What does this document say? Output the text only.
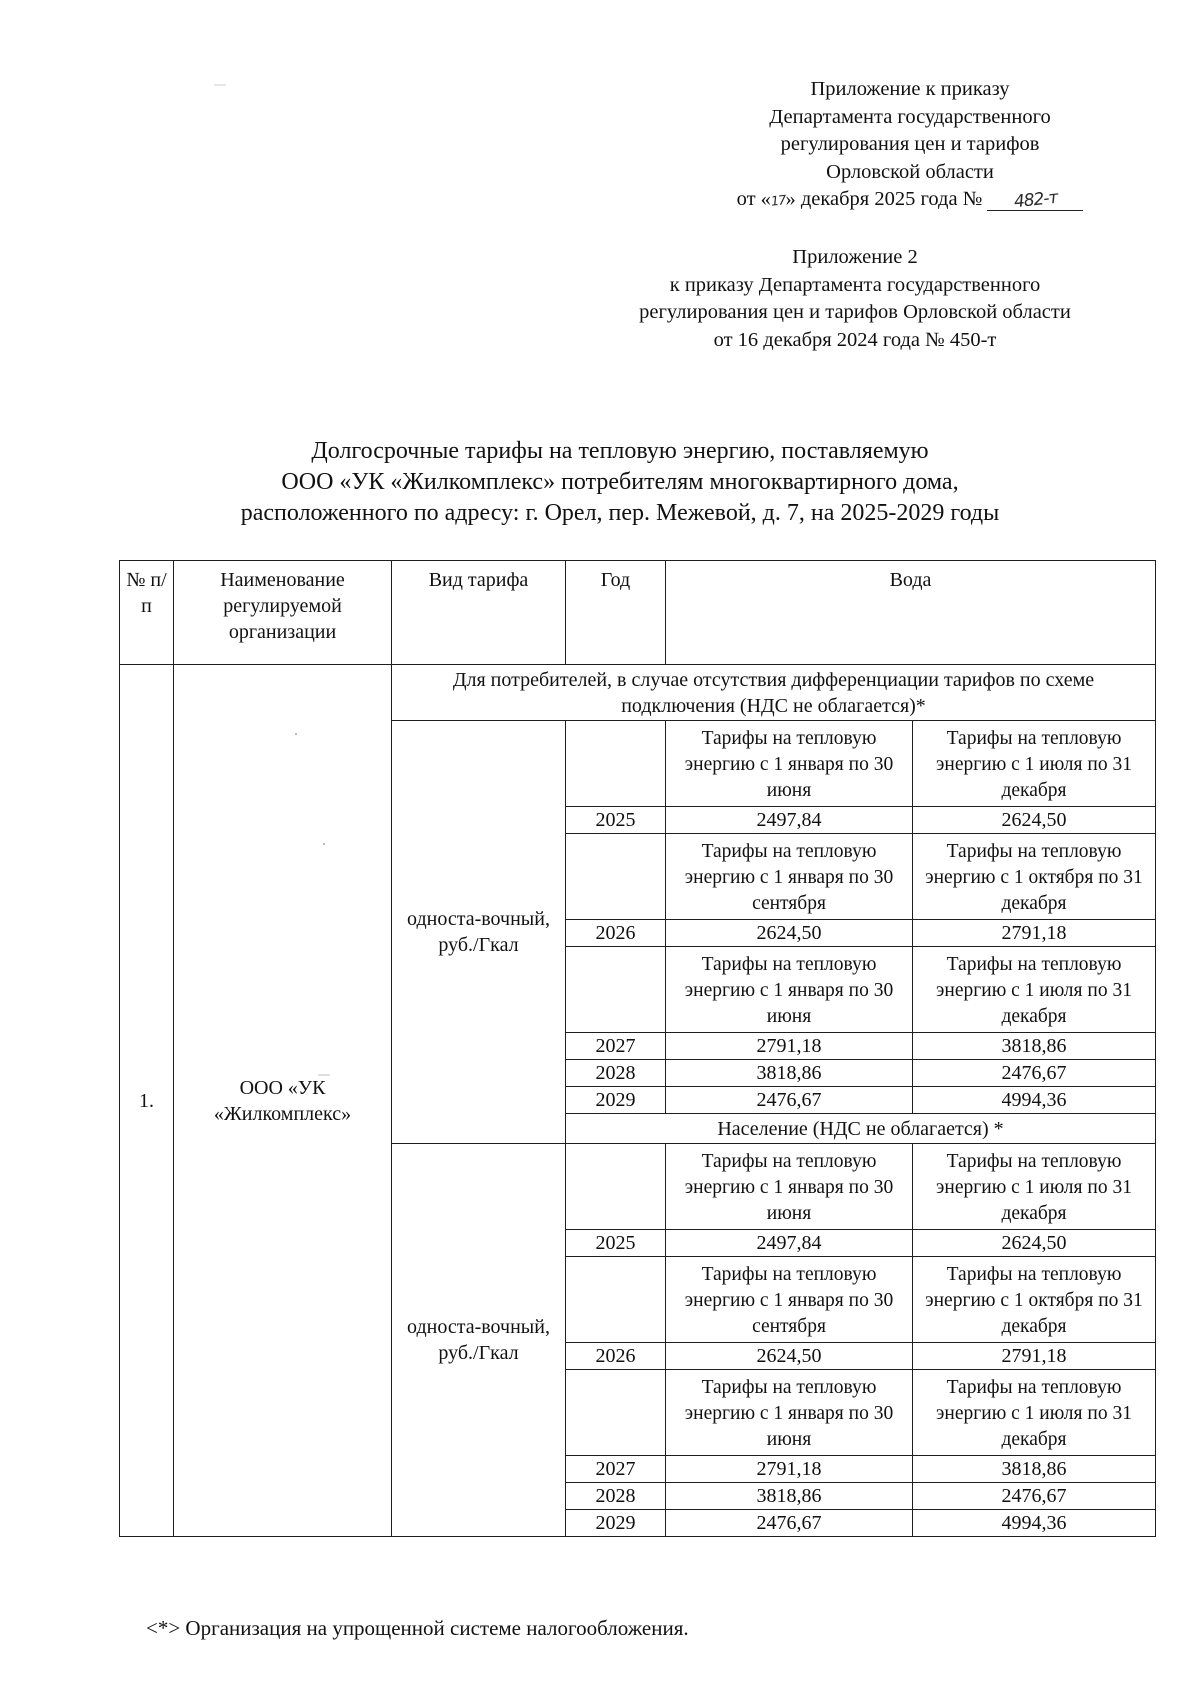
Приложение к приказу
Департамента государственного
регулирования цен и тарифов
Орловской области
от «17» декабря 2025 года № 482-т
Приложение 2
к приказу Департамента государственного
регулирования цен и тарифов Орловской области
от 16 декабря 2024 года № 450-т
Долгосрочные тарифы на тепловую энергию, поставляемую
ООО «УК «Жилкомплекс» потребителям многоквартирного дома,
расположенного по адресу: г. Орел, пер. Межевой, д. 7, на 2025-2029 годы
№ п/п	Наименование регулируемой организации	Вид тарифа	Год	Вода	
1.	ООО «УК «Жилкомплекс»	Для потребителей, в случае отсутствия дифференциации тарифов по схеме подключения (НДС не облагается)*			
		односта-вочный, руб./Гкал		Тарифы на тепловую энергию с 1 января по 30 июня	Тарифы на тепловую энергию с 1 июля по 31 декабря
			2025	2497,84	2624,50
				Тарифы на тепловую энергию с 1 января по 30 сентября	Тарифы на тепловую энергию с 1 октября по 31 декабря
			2026	2624,50	2791,18
				Тарифы на тепловую энергию с 1 января по 30 июня	Тарифы на тепловую энергию с 1 июля по 31 декабря
			2027	2791,18	3818,86
			2028	3818,86	2476,67
			2029	2476,67	4994,36
			Население (НДС не облагается) *		
		односта-вочный, руб./Гкал		Тарифы на тепловую энергию с 1 января по 30 июня	Тарифы на тепловую энергию с 1 июля по 31 декабря
			2025	2497,84	2624,50
				Тарифы на тепловую энергию с 1 января по 30 сентября	Тарифы на тепловую энергию с 1 октября по 31 декабря
			2026	2624,50	2791,18
				Тарифы на тепловую энергию с 1 января по 30 июня	Тарифы на тепловую энергию с 1 июля по 31 декабря
			2027	2791,18	3818,86
			2028	3818,86	2476,67
			2029	2476,67	4994,36
<*> Организация на упрощенной системе налогообложения.
